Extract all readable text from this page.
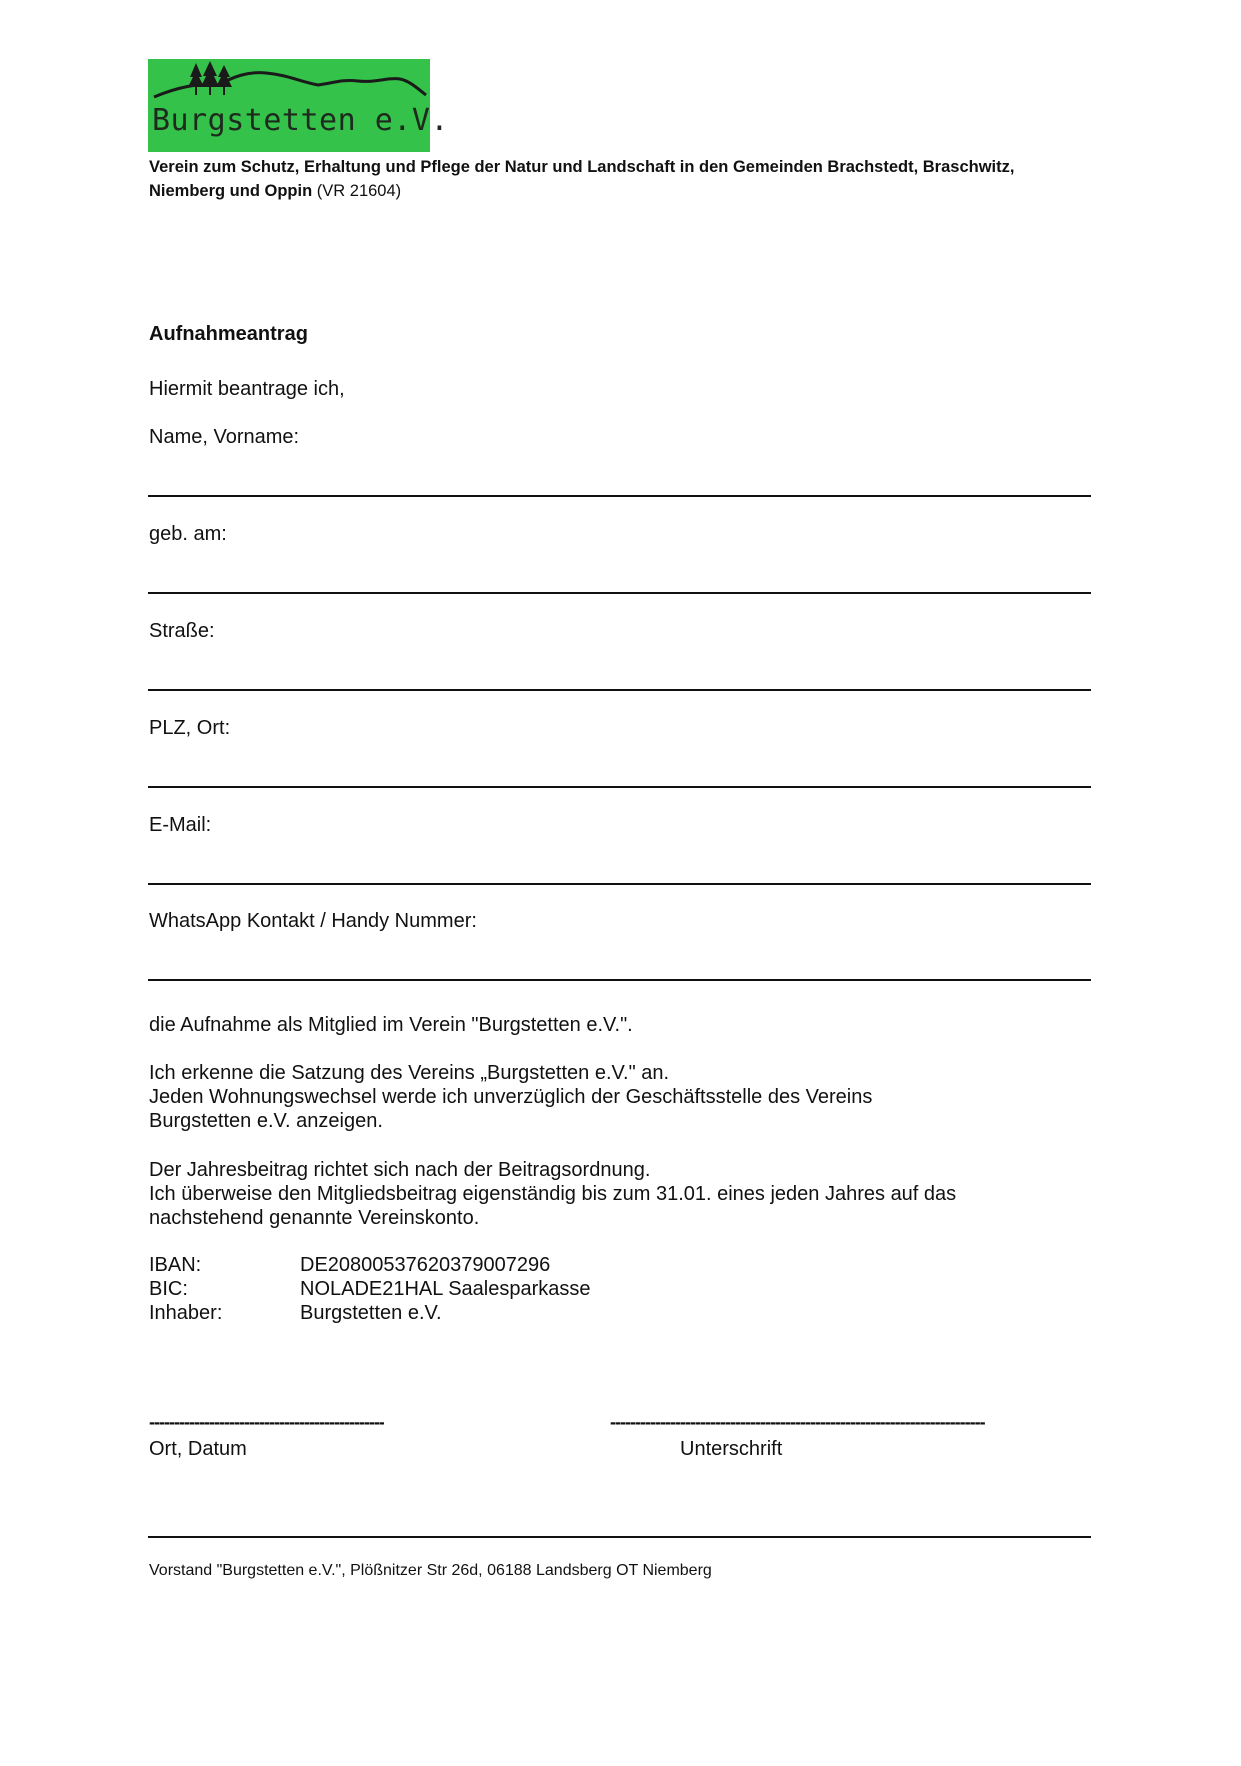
Burgstetten e.V.
Verein zum Schutz, Erhaltung und Pflege der Natur und Landschaft in den Gemeinden Brachstedt, Braschwitz, Niemberg und Oppin (VR 21604)
Aufnahmeantrag
Hiermit beantrage ich,
Name, Vorname:
geb. am:
Straße:
PLZ, Ort:
E-Mail:
WhatsApp Kontakt / Handy Nummer:
die Aufnahme als Mitglied im Verein "Burgstetten e.V.".
Ich erkenne die Satzung des Vereins „Burgstetten e.V." an.
Jeden Wohnungswechsel werde ich unverzüglich der Geschäftsstelle des Vereins
Burgstetten e.V. anzeigen.
Der Jahresbeitrag richtet sich nach der Beitragsordnung.
Ich überweise den Mitgliedsbeitrag eigenständig bis zum 31.01. eines jeden Jahres auf das
nachstehend genannte Vereinskonto.
IBAN:	DE20800537620379007296
BIC:	NOLADE21HAL Saalesparkasse
Inhaber:	Burgstetten e.V.
-----------------------------------------------	---------------------------------------------------------------------------
Ort, Datum	Unterschrift
Vorstand "Burgstetten e.V.", Plößnitzer Str 26d, 06188 Landsberg OT Niemberg
